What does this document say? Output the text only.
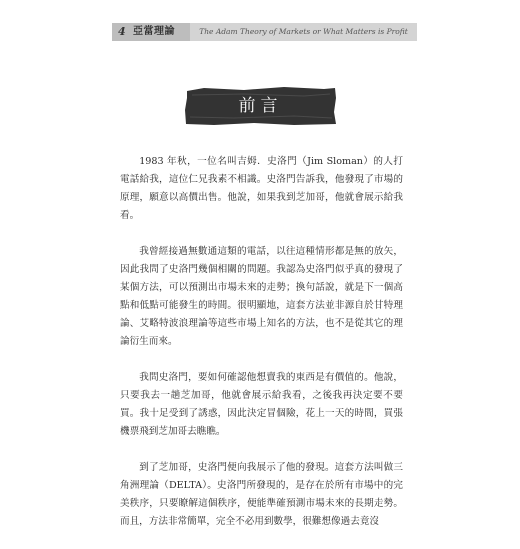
4 亞當理論	The Adam Theory of Markets or What Matters is Profit
前言

1983 年秋，一位名叫吉姆．史洛門（Jim Sloman）的人打電話給我，這位仁兄我素不相識。史洛門告訴我，他發現了市場的原理，願意以高價出售。他說，如果我到芝加哥，他就會展示給我看。

我曾經接過無數通這類的電話，以往這種情形都是無的放矢，因此我問了史洛門幾個相關的問題。我認為史洛門似乎真的發現了某個方法，可以預測出市場未來的走勢；換句話說，就是下一個高點和低點可能發生的時間。很明顯地，這套方法並非源自於甘特理論、艾略特波浪理論等這些市場上知名的方法，也不是從其它的理論衍生而來。

我問史洛門，要如何確認他想賣我的東西是有價值的。他說，只要我去一趟芝加哥，他就會展示給我看，之後我再決定要不要買。我十足受到了誘惑，因此決定冒個險，花上一天的時間，買張機票飛到芝加哥去瞧瞧。

到了芝加哥，史洛門便向我展示了他的發現。這套方法叫做三角洲理論（DELTA）。史洛門所發現的，是存在於所有市場中的完美秩序，只要瞭解這個秩序，便能準確預測市場未來的長期走勢。而且，方法非常簡單，完全不必用到數學，很難想像過去竟沒
